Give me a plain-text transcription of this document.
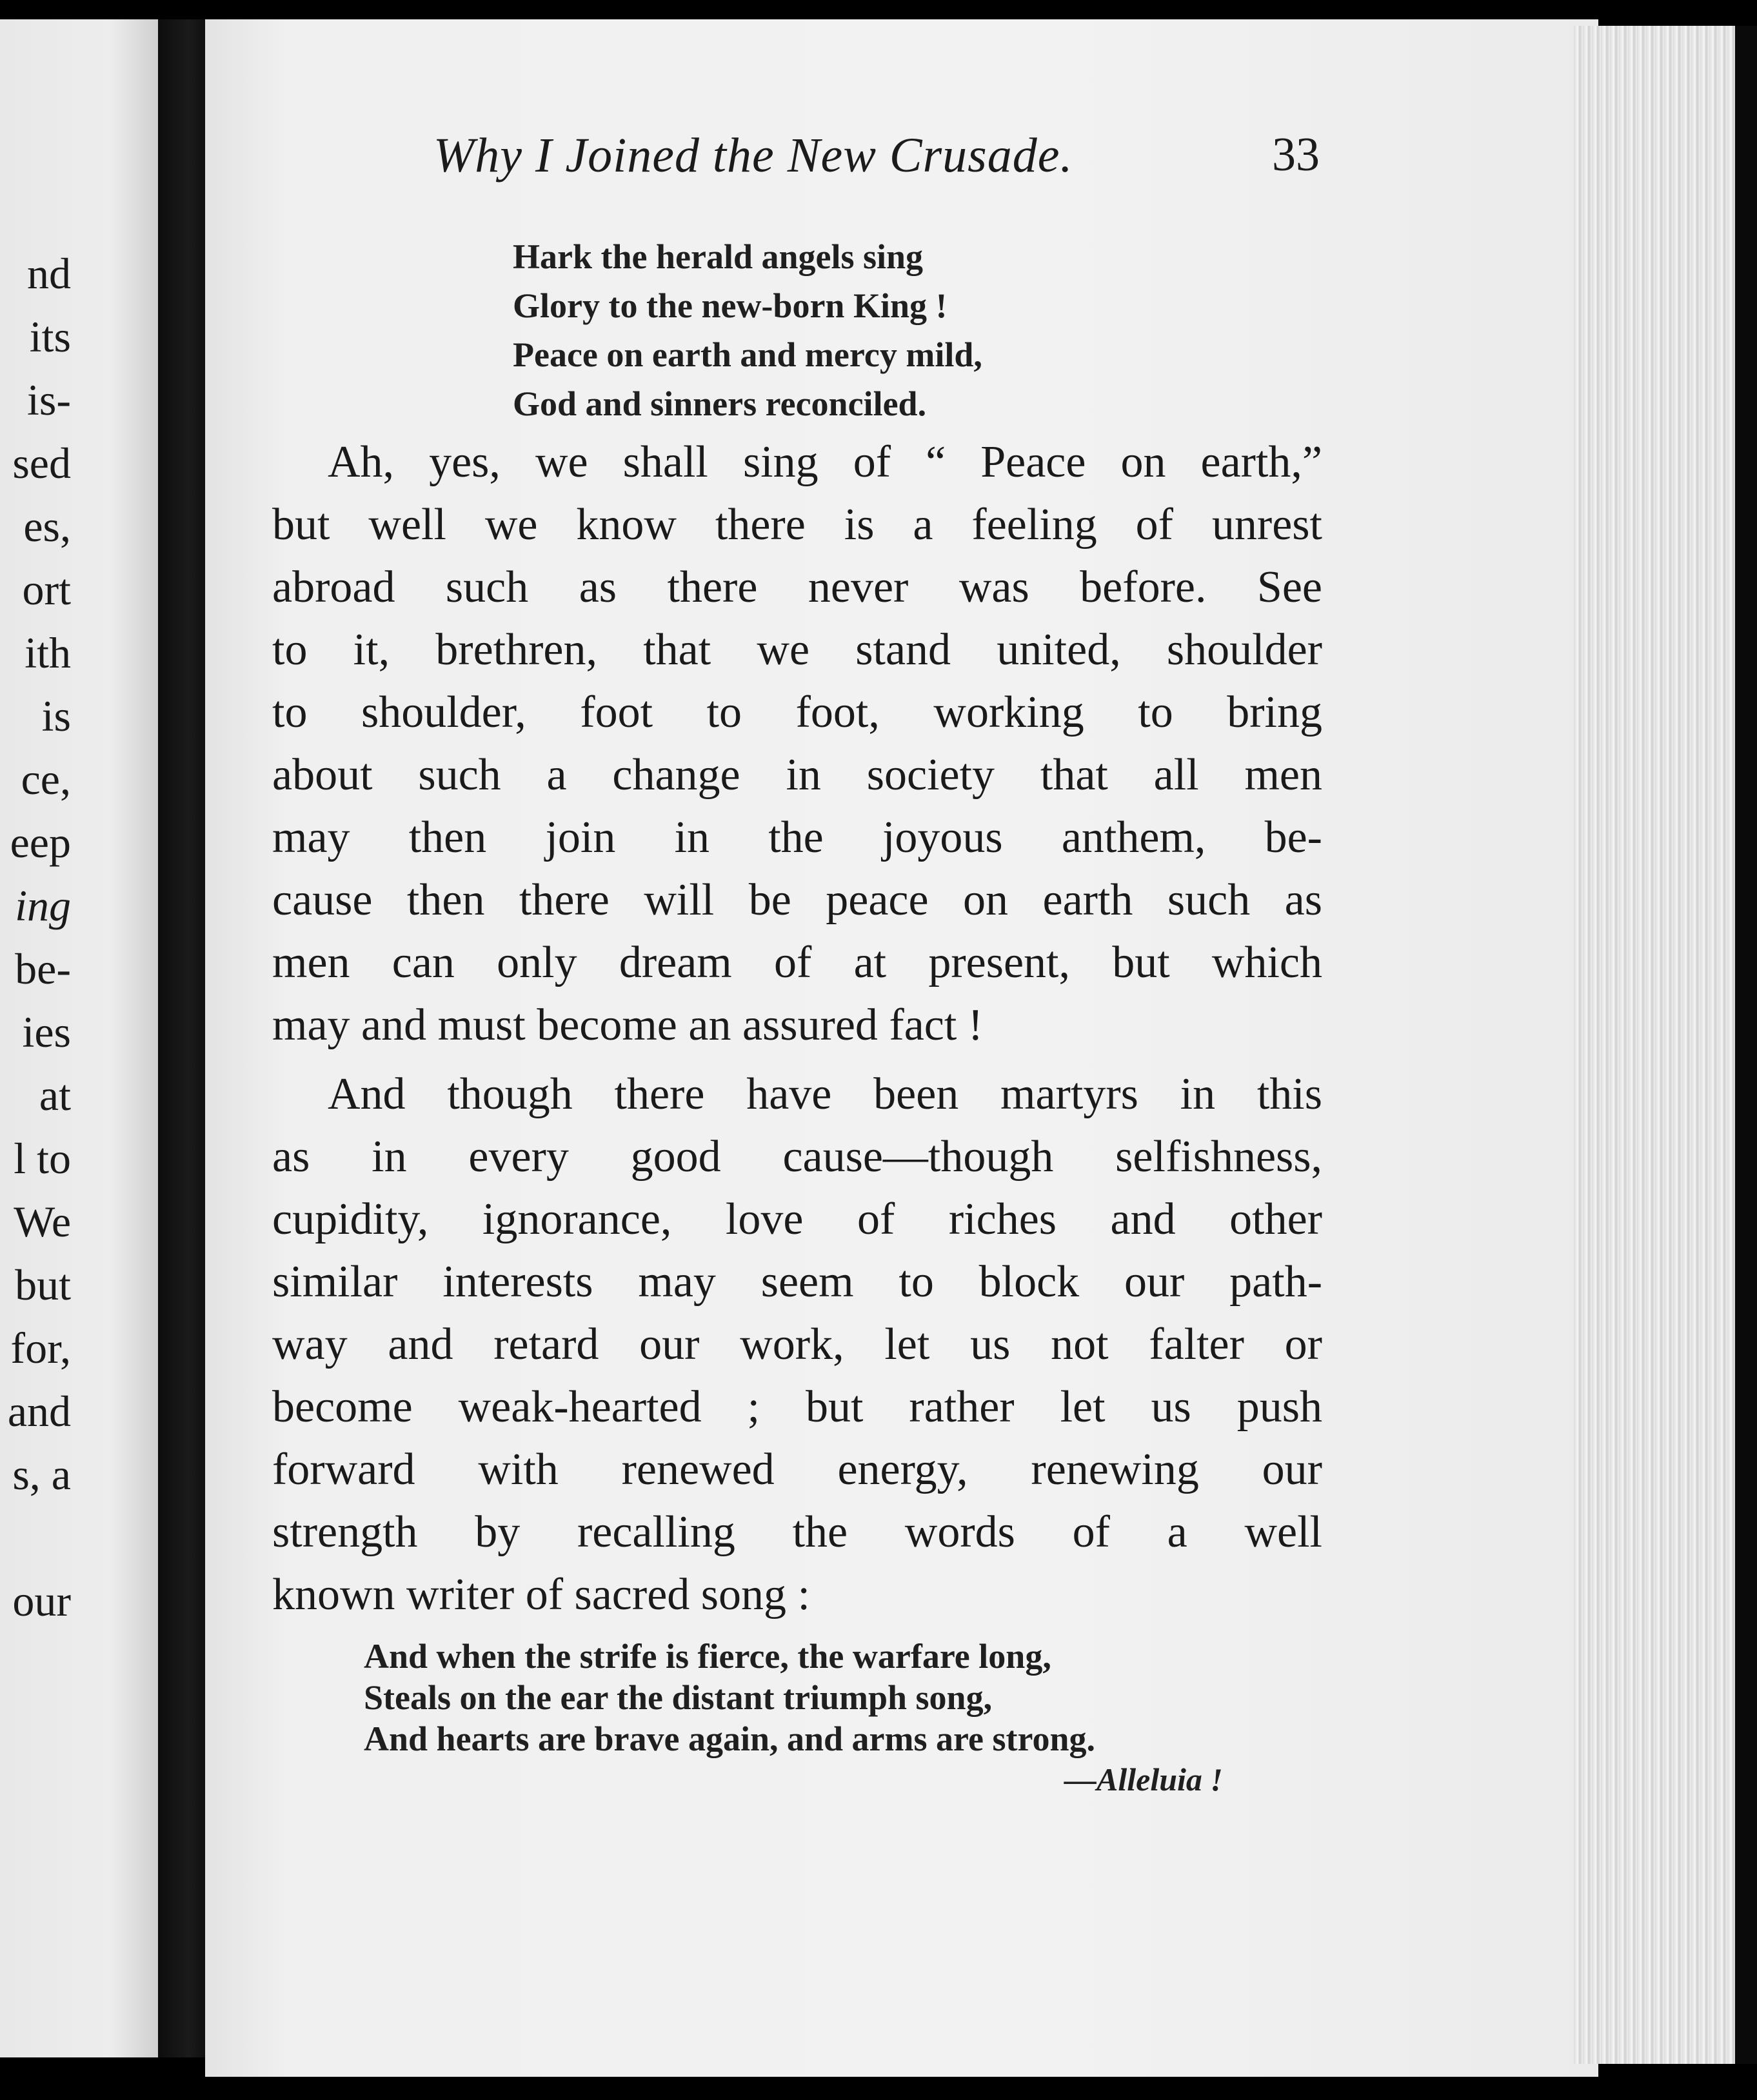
nd
its
is-
sed
es,
ort
ith
is
ce,
eep
ing
be-
ies
at
l to
We
but
for,
and
s, a
our
Why I Joined the New Crusade.	33
Hark the herald angels sing
Glory to the new-born King !
Peace on earth and mercy mild,
God and sinners reconciled.
Ah, yes, we shall sing of “ Peace on earth,”
but well we know there is a feeling of unrest
abroad such as there never was before. See
to it, brethren, that we stand united, shoulder
to shoulder, foot to foot, working to bring
about such a change in society that all men
may then join in the joyous anthem, be-
cause then there will be peace on earth such as
men can only dream of at present, but which
may and must become an assured fact !
And though there have been martyrs in this
as in every good cause—though selfishness,
cupidity, ignorance, love of riches and other
similar interests may seem to block our path-
way and retard our work, let us not falter or
become weak-hearted ; but rather let us push
forward with renewed energy, renewing our
strength by recalling the words of a well
known writer of sacred song :
And when the strife is fierce, the warfare long,
Steals on the ear the distant triumph song,
And hearts are brave again, and arms are strong.
—Alleluia !
